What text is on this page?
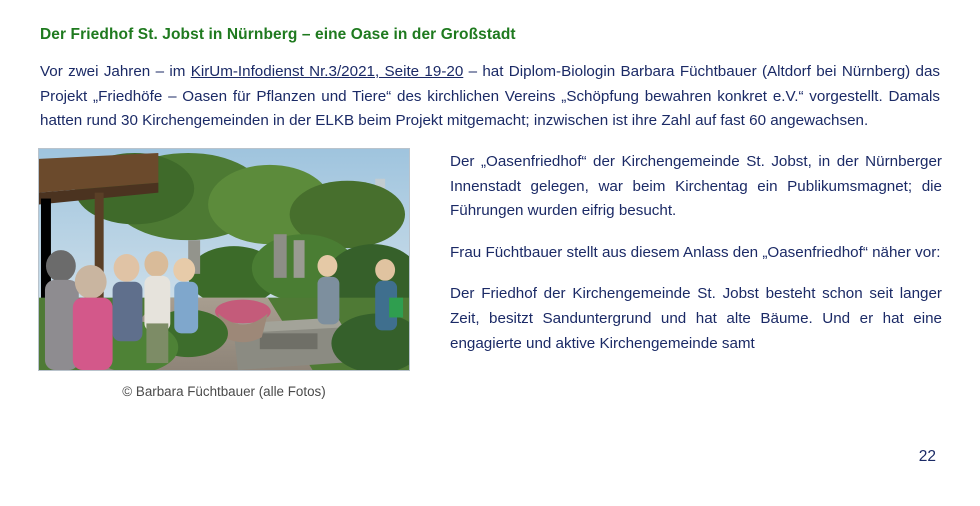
Der Friedhof St. Jobst in Nürnberg – eine Oase in der Großstadt

Vor zwei Jahren – im KirUm-Infodienst Nr.3/2021, Seite 19-20 – hat Diplom-Biologin Barbara Füchtbauer (Altdorf bei Nürnberg) das Projekt „Friedhöfe – Oasen für Pflanzen und Tiere“ des kirchlichen Vereins „Schöpfung bewahren konkret e.V.“ vorgestellt. Damals hatten rund 30 Kirchengemeinden in der ELKB beim Projekt mitgemacht; inzwischen ist ihre Zahl auf fast 60 angewachsen.

© Barbara Füchtbauer (alle Fotos)

Der „Oasenfriedhof“ der Kirchengemeinde St. Jobst, in der Nürnberger Innenstadt gelegen, war beim Kirchentag ein Publikumsmagnet; die Führungen wurden eifrig besucht.

Frau Füchtbauer stellt aus diesem Anlass den „Oasenfriedhof“ näher vor:

Der Friedhof der Kirchengemeinde St. Jobst besteht schon seit langer Zeit, besitzt Sanduntergrund und hat alte Bäume. Und er hat eine engagierte und aktive Kirchengemeinde samt

22
